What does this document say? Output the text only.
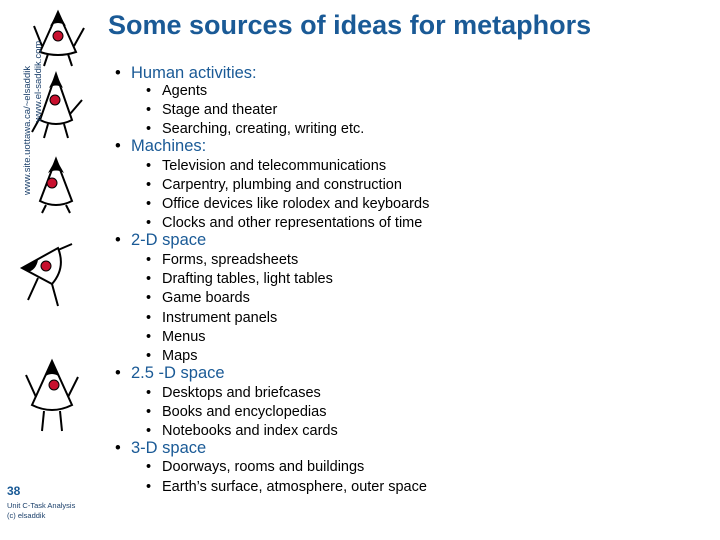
www.site.uottawa.ca/~elsaddik www.el-saddik.com
Some sources of ideas for metaphors
• Human activities:
• Agents
• Stage and theater
• Searching, creating, writing etc.
• Machines:
• Television and telecommunications
• Carpentry, plumbing and construction
• Office devices like rolodex and keyboards
• Clocks and other representations of time
• 2-D space
• Forms, spreadsheets
• Drafting tables, light tables
• Game boards
• Instrument panels
• Menus
• Maps
• 2.5 -D space
• Desktops and briefcases
• Books and encyclopedias
• Notebooks and index cards
• 3-D space
• Doorways, rooms and buildings
• Earth’s surface, atmosphere, outer space
38
Unit C-Task Analysis
(c) elsaddik
